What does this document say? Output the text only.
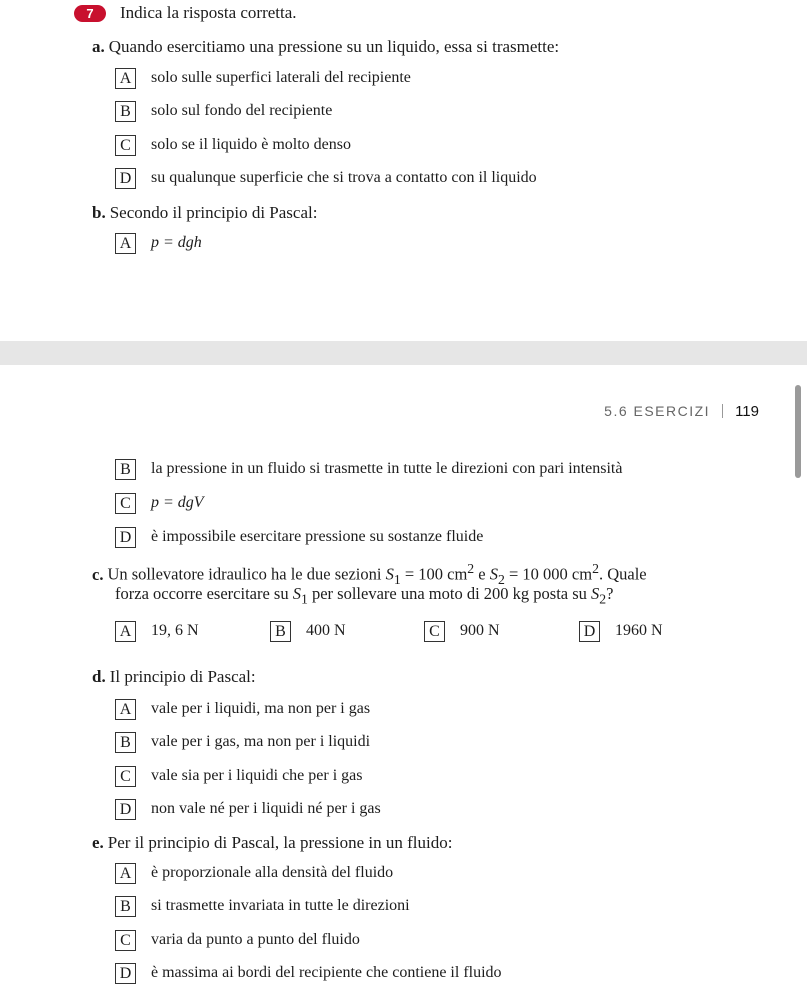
7	Indica la risposta corretta.
a. Quando esercitiamo una pressione su un liquido, essa si trasmette:
A solo sulle superfici laterali del recipiente
B	solo sul fondo del recipiente
C	solo se il liquido è molto denso
D su qualunque superficie che si trova a contatto con il liquido
b. Secondo il principio di Pascal:
A p = dgh
5.6 ESERCIZI 119
B	la pressione in un fluido si trasmette in tutte le direzioni con pari intensità
C	p = dgV
D è impossibile esercitare pressione su sostanze fluide
c. Un sollevatore idraulico ha le due sezioni $S_1 = 100$ $cm^2$ e $S_2 = 10$ 000 $cm^2$. Quale
forza occorre esercitare su $S_1$ per sollevare una moto di 200 kg posta su $S_2$?
A 19, 6 N	B	400 N	C	900 N	D 1960 N
d. Il principio di Pascal:
A vale per i liquidi, ma non per i gas
B	vale per i gas, ma non per i liquidi
C	vale sia per i liquidi che per i gas
D non vale né per i liquidi né per i gas
e. Per il principio di Pascal, la pressione in un fluido:
A è proporzionale alla densità del fluido
B	si trasmette invariata in tutte le direzioni
C	varia da punto a punto del fluido
D è massima ai bordi del recipiente che contiene il fluido
